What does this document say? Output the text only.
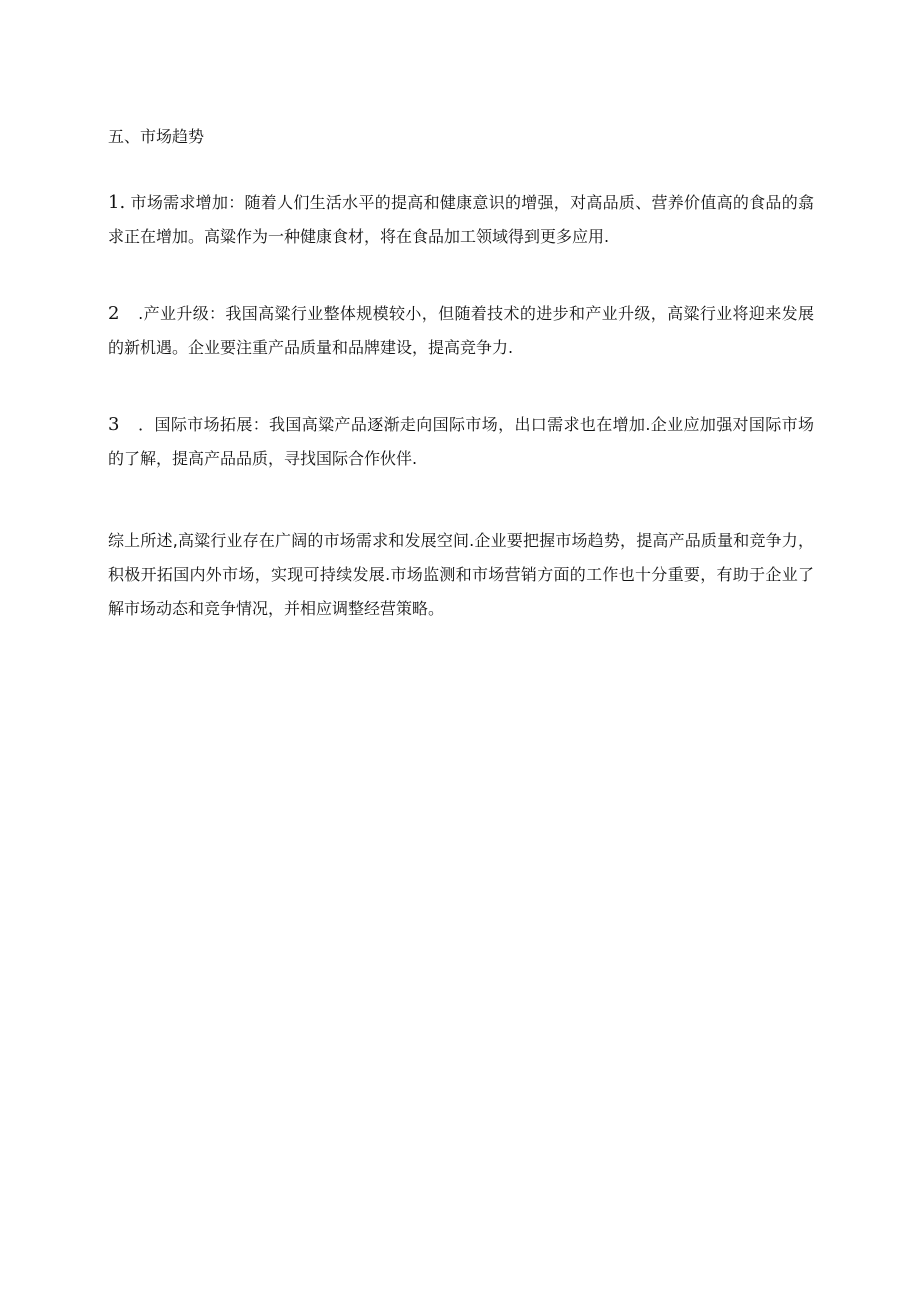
五、市场趋势

1. 市场需求增加：随着人们生活水平的提高和健康意识的增强，对高品质、营养价值高的食品的翕求正在增加。高粱作为一种健康食材，将在食品加工领域得到更多应用.

2　.产业升级：我国高粱行业整体规模较小，但随着技术的进步和产业升级，高粱行业将迎来发展的新机遇。企业要注重产品质量和品牌建设，提高竞争力.

3　．国际市场拓展：我国高粱产品逐渐走向国际市场，出口需求也在增加.企业应加强对国际市场的了解，提高产品品质，寻找国际合作伙伴.

综上所述,高粱行业存在广阔的市场需求和发展空间.企业要把握市场趋势，提高产品质量和竞争力，积极开拓国内外市场，实现可持续发展.市场监测和市场营销方面的工作也十分重要，有助于企业了解市场动态和竞争情况，并相应调整经营策略。
